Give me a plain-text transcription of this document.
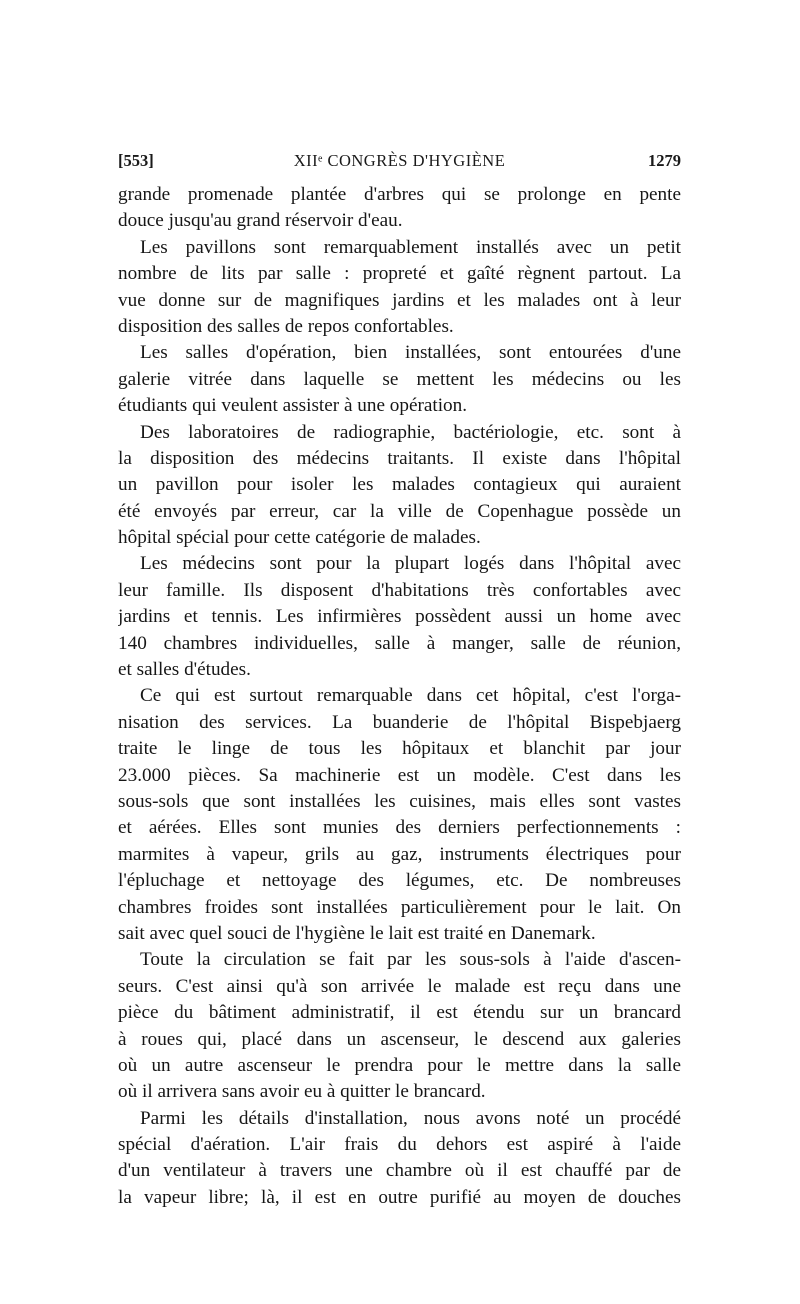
[553]	XIIᵉ CONGRÈS D'HYGIÈNE	1279
grande promenade plantée d'arbres qui se prolonge en pente
douce jusqu'au grand réservoir d'eau.
Les pavillons sont remarquablement installés avec un petit
nombre de lits par salle : propreté et gaîté règnent partout. La
vue donne sur de magnifiques jardins et les malades ont à leur
disposition des salles de repos confortables.
Les salles d'opération, bien installées, sont entourées d'une
galerie vitrée dans laquelle se mettent les médecins ou les
étudiants qui veulent assister à une opération.
Des laboratoires de radiographie, bactériologie, etc. sont à
la disposition des médecins traitants. Il existe dans l'hôpital
un pavillon pour isoler les malades contagieux qui auraient
été envoyés par erreur, car la ville de Copenhague possède un
hôpital spécial pour cette catégorie de malades.
Les médecins sont pour la plupart logés dans l'hôpital avec
leur famille. Ils disposent d'habitations très confortables avec
jardins et tennis. Les infirmières possèdent aussi un home avec
140 chambres individuelles, salle à manger, salle de réunion,
et salles d'études.
Ce qui est surtout remarquable dans cet hôpital, c'est l'orga-
nisation des services. La buanderie de l'hôpital Bispebjaerg
traite le linge de tous les hôpitaux et blanchit par jour
23.000 pièces. Sa machinerie est un modèle. C'est dans les
sous-sols que sont installées les cuisines, mais elles sont vastes
et aérées. Elles sont munies des derniers perfectionnements :
marmites à vapeur, grils au gaz, instruments électriques pour
l'épluchage et nettoyage des légumes, etc. De nombreuses
chambres froides sont installées particulièrement pour le lait. On
sait avec quel souci de l'hygiène le lait est traité en Danemark.
Toute la circulation se fait par les sous-sols à l'aide d'ascen-
seurs. C'est ainsi qu'à son arrivée le malade est reçu dans une
pièce du bâtiment administratif, il est étendu sur un brancard
à roues qui, placé dans un ascenseur, le descend aux galeries
où un autre ascenseur le prendra pour le mettre dans la salle
où il arrivera sans avoir eu à quitter le brancard.
Parmi les détails d'installation, nous avons noté un procédé
spécial d'aération. L'air frais du dehors est aspiré à l'aide
d'un ventilateur à travers une chambre où il est chauffé par de
la vapeur libre; là, il est en outre purifié au moyen de douches
